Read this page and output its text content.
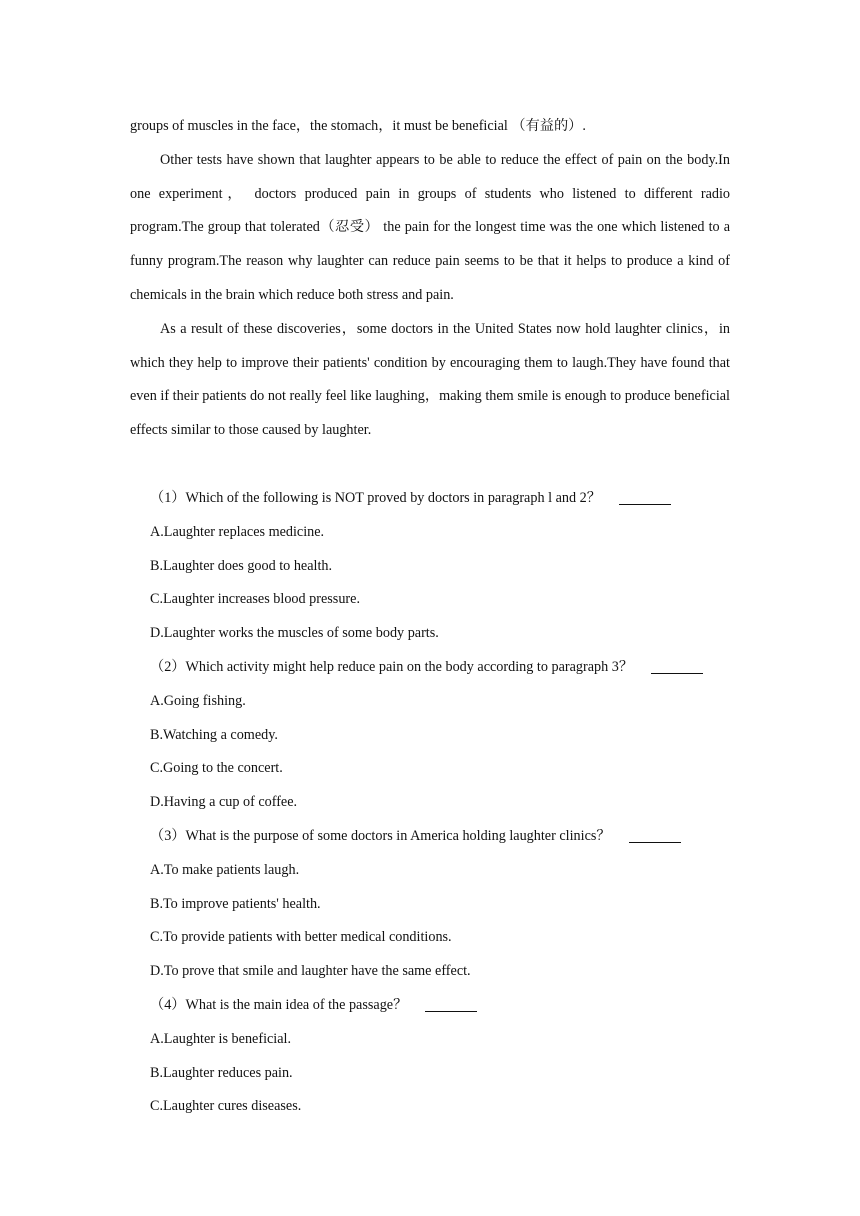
groups of muscles in the face，the stomach，it must be beneficial （有益的）.

Other tests have shown that laughter appears to be able to reduce the effect of pain on the body.In one experiment， doctors produced pain in groups of students who listened to different radio program.The group that tolerated（忍受） the pain for the longest time was the one which listened to a funny program.The reason why laughter can reduce pain seems to be that it helps to produce a kind of chemicals in the brain which reduce both stress and pain.

As a result of these discoveries，some doctors in the United States now hold laughter clinics，in which they help to improve their patients' condition by encouraging them to laugh.They have found that even if their patients do not really feel like laughing，making them smile is enough to produce beneficial effects similar to those caused by laughter.

（1）Which of the following is NOT proved by doctors in paragraph l and 2？

A.Laughter replaces medicine.

B.Laughter does good to health.

C.Laughter increases blood pressure.

D.Laughter works the muscles of some body parts.

（2）Which activity might help reduce pain on the body according to paragraph 3？

A.Going fishing.

B.Watching a comedy.

C.Going to the concert.

D.Having a cup of coffee.

（3）What is the purpose of some doctors in America holding laughter clinics？

A.To make patients laugh.

B.To improve patients' health.

C.To provide patients with better medical conditions.

D.To prove that smile and laughter have the same effect.

（4）What is the main idea of the passage？

A.Laughter is beneficial.

B.Laughter reduces pain.

C.Laughter cures diseases.
